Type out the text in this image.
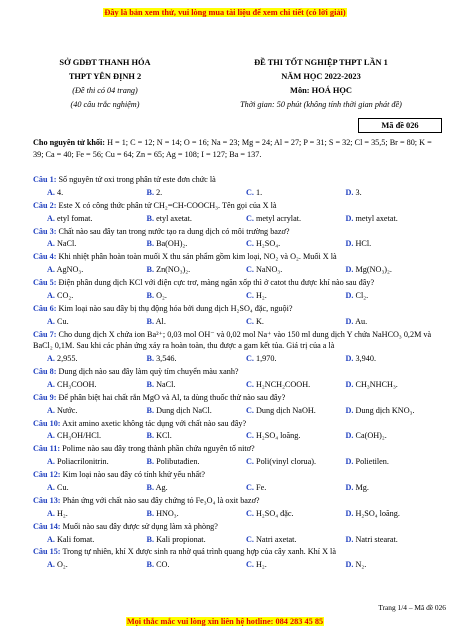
Đây là bản xem thử, vui lòng mua tài liệu để xem chi tiết (có lời giải)
SỞ GDĐT THANH HÓA
THPT YÊN ĐỊNH 2
(Đề thi có 04 trang)
(40 câu trắc nghiệm)
ĐỀ THI TỐT NGHIỆP THPT LẦN 1
NĂM HỌC 2022-2023
Môn: HOÁ HỌC
Thời gian: 50 phút (không tính thời gian phát đề)
Mã đề 026
Cho nguyên tử khối: H = 1; C = 12; N = 14; O = 16; Na = 23; Mg = 24; Al = 27; P = 31; S = 32; Cl = 35,5; Br = 80; K = 39; Ca = 40; Fe = 56; Cu = 64; Zn = 65; Ag = 108; I = 127; Ba = 137.
Câu 1: Số nguyên tử oxi trong phân tử este đơn chức là
A. 4.	B. 2.	C. 1.	D. 3.
Câu 2: Este X có công thức phân tử CH₂=CH-COOCH₃. Tên gọi của X là
A. etyl fomat.	B. etyl axetat.	C. metyl acrylat.	D. metyl axetat.
Câu 3: Chất nào sau đây tan trong nước tạo ra dung dịch có môi trường bazơ?
A. NaCl.	B. Ba(OH)₂.	C. H₂SO₄.	D. HCl.
Câu 4: Khi nhiệt phân hoàn toàn muối X thu sản phẩm gồm kim loại, NO₂ và O₂. Muối X là
A. AgNO₃.	B. Zn(NO₃)₂.	C. NaNO₃.	D. Mg(NO₃)₂.
Câu 5: Điện phân dung dịch KCl với điện cực trơ, màng ngăn xốp thì ở catot thu được khí nào sau đây?
A. CO₂.	B. O₂.	C. H₂.	D. Cl₂.
Câu 6: Kim loại nào sau đây bị thụ động hóa bởi dung dịch H₂SO₄ đặc, nguội?
A. Cu.	B. Al.	C. K.	D. Au.
Câu 7: Cho dung dịch X chứa ion Ba²⁺; 0,03 mol OH⁻ và 0,02 mol Na⁺ vào 150 ml dung dịch Y chứa NaHCO₃ 0,2M và BaCl₂ 0,1M. Sau khi các phản ứng xảy ra hoàn toàn, thu được a gam kết tủa. Giá trị của a là
A. 2,955.	B. 3,546.	C. 1,970.	D. 3,940.
Câu 8: Dung dịch nào sau đây làm quỳ tím chuyển màu xanh?
A. CH₃COOH.	B. NaCl.	C. H₂NCH₂COOH.	D. CH₃NHCH₃.
Câu 9: Để phân biệt hai chất rắn MgO và Al, ta dùng thuốc thử nào sau đây?
A. Nước.	B. Dung dịch NaCl.	C. Dung dịch NaOH.	D. Dung dịch KNO₃.
Câu 10: Axit amino axetic không tác dụng với chất nào sau đây?
A. CH₃OH/HCl.	B. KCl.	C. H₂SO₄ loãng.	D. Ca(OH)₂.
Câu 11: Polime nào sau đây trong thành phần chứa nguyên tố nitơ?
A. Poliacrilonitrin.	B. Polibutađien.	C. Poli(vinyl clorua).	D. Polietilen.
Câu 12: Kim loại nào sau đây có tính khử yếu nhất?
A. Cu.	B. Ag.	C. Fe.	D. Mg.
Câu 13: Phản ứng với chất nào sau đây chứng tỏ Fe₃O₄ là oxit bazơ?
A. H₂.	B. HNO₃.	C. H₂SO₄ đặc.	D. H₂SO₄ loãng.
Câu 14: Muối nào sau đây được sử dụng làm xà phòng?
A. Kali fomat.	B. Kali propionat.	C. Natri axetat.	D. Natri stearat.
Câu 15: Trong tự nhiên, khí X được sinh ra nhờ quá trình quang hợp của cây xanh. Khí X là
A. O₂.	B. CO.	C. H₂.	D. N₂.
Trang 1/4 – Mã đề 026
Mọi thắc mắc vui lòng xin liên hệ hotline: 084 283 45 85
